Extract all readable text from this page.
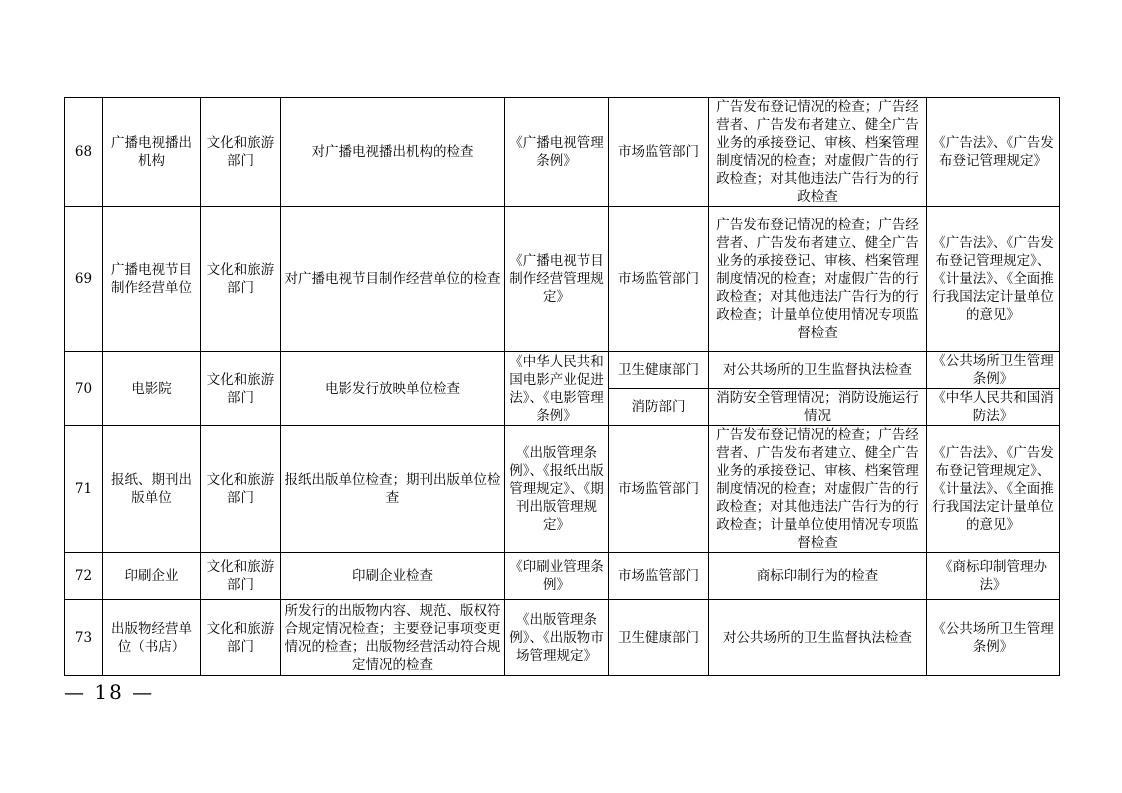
68	广播电视播出机构	文化和旅游部门	对广播电视播出机构的检查	《广播电视管理条例》	市场监管部门	广告发布登记情况的检查；广告经营者、广告发布者建立、健全广告业务的承接登记、审核、档案管理制度情况的检查；对虚假广告的行政检查；对其他违法广告行为的行政检查	《广告法》、《广告发布登记管理规定》
69	广播电视节目制作经营单位	文化和旅游部门	对广播电视节目制作经营单位的检查	《广播电视节目制作经营管理规定》	市场监管部门	广告发布登记情况的检查；广告经营者、广告发布者建立、健全广告业务的承接登记、审核、档案管理制度情况的检查；对虚假广告的行政检查；对其他违法广告行为的行政检查；计量单位使用情况专项监督检查	《广告法》、《广告发布登记管理规定》、《计量法》、《全面推行我国法定计量单位的意见》
70	电影院	文化和旅游部门	电影发行放映单位检查	《中华人民共和国电影产业促进法》、《电影管理条例》	卫生健康部门	对公共场所的卫生监督执法检查	《公共场所卫生管理条例》
					消防部门	消防安全管理情况；消防设施运行情况	《中华人民共和国消防法》
71	报纸、期刊出版单位	文化和旅游部门	报纸出版单位检查；期刊出版单位检查	《出版管理条例》、《报纸出版管理规定》、《期刊出版管理规定》	市场监管部门	广告发布登记情况的检查；广告经营者、广告发布者建立、健全广告业务的承接登记、审核、档案管理制度情况的检查；对虚假广告的行政检查；对其他违法广告行为的行政检查；计量单位使用情况专项监督检查	《广告法》、《广告发布登记管理规定》、《计量法》、《全面推行我国法定计量单位的意见》
72	印刷企业	文化和旅游部门	印刷企业检查	《印刷业管理条例》	市场监管部门	商标印制行为的检查	《商标印制管理办法》
73	出版物经营单位（书店）	文化和旅游部门	所发行的出版物内容、规范、版权符合规定情况检查；主要登记事项变更情况的检查；出版物经营活动符合规定情况的检查	《出版管理条例》、《出版物市场管理规定》	卫生健康部门	对公共场所的卫生监督执法检查	《公共场所卫生管理条例》
— 18 —
